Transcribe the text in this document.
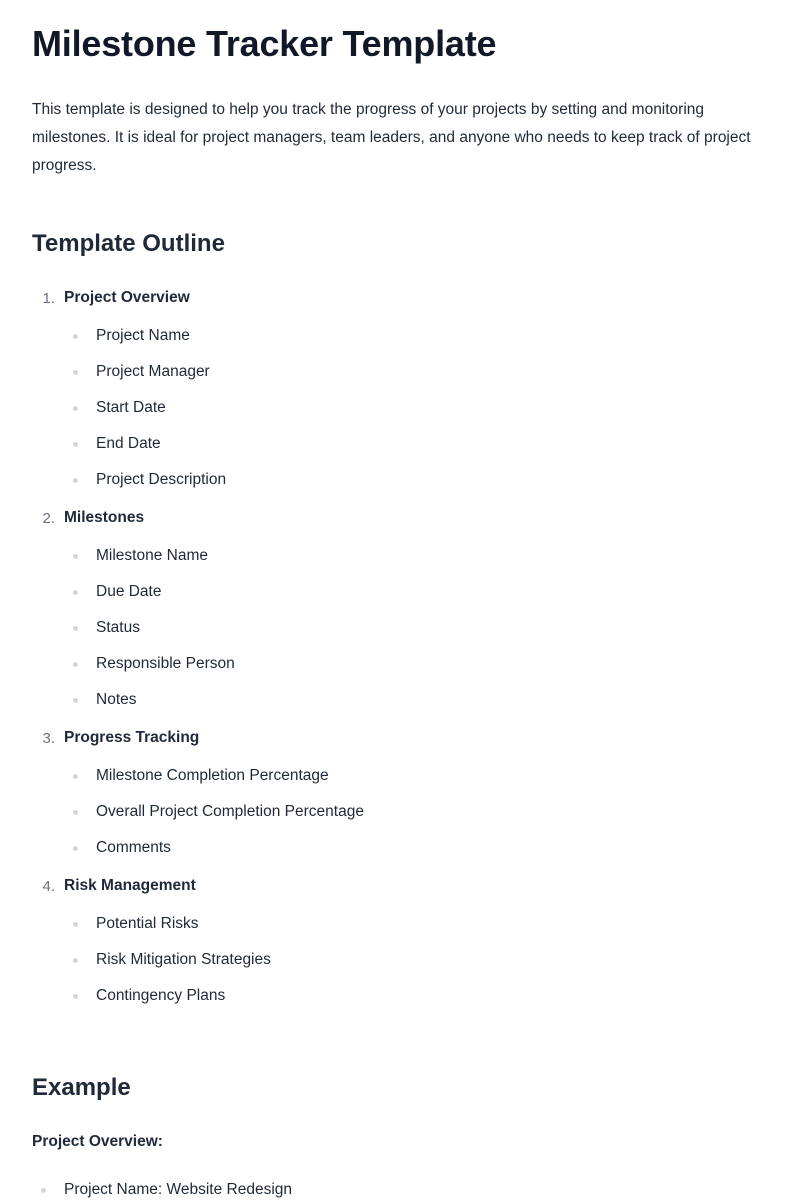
Milestone Tracker Template

This template is designed to help you track the progress of your projects by setting and monitoring milestones. It is ideal for project managers, team leaders, and anyone who needs to keep track of project progress.

Template Outline
1. Project Overview
Project Name
Project Manager
Start Date
End Date
Project Description
2. Milestones
Milestone Name
Due Date
Status
Responsible Person
Notes
3. Progress Tracking
Milestone Completion Percentage
Overall Project Completion Percentage
Comments
4. Risk Management
Potential Risks
Risk Mitigation Strategies
Contingency Plans
Example

Project Overview:

Project Name: Website Redesign
